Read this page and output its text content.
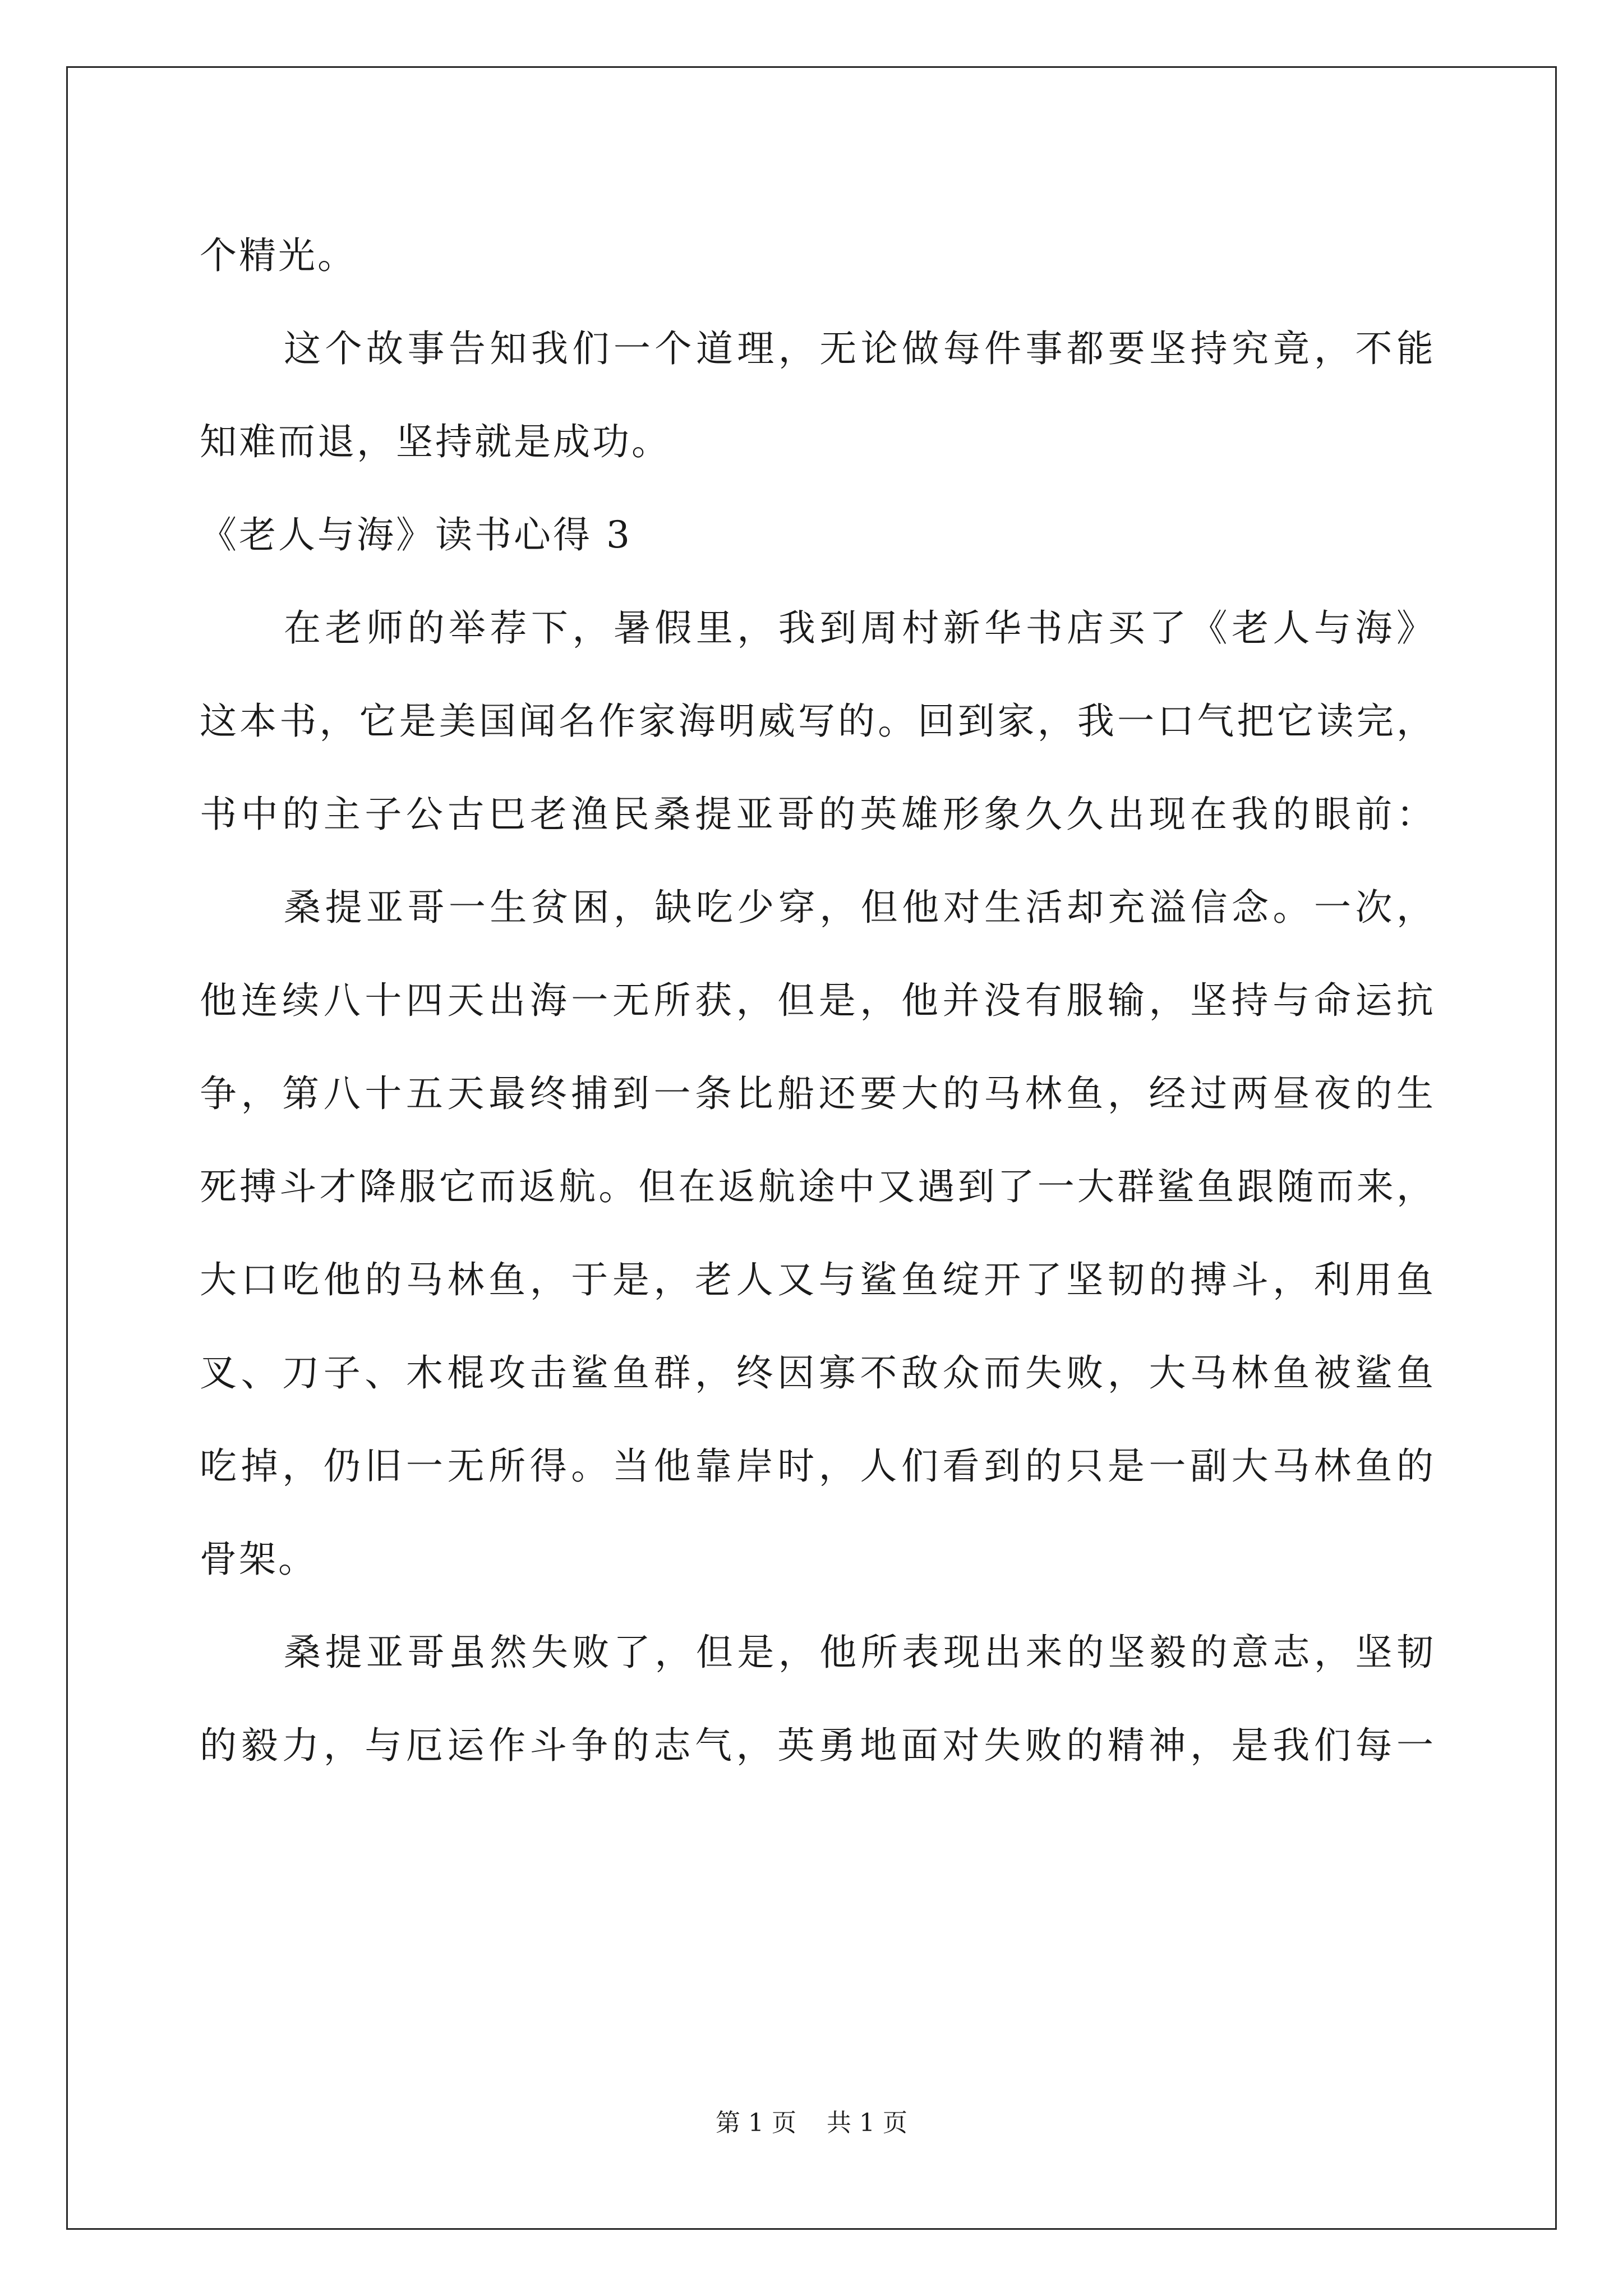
个精光。
这个故事告知我们一个道理，无论做每件事都要坚持究竟，不能
知难而退，坚持就是成功。
《老人与海》读书心得 3
在老师的举荐下，暑假里，我到周村新华书店买了《老人与海》
这本书，它是美国闻名作家海明威写的。回到家，我一口气把它读完，
书中的主子公古巴老渔民桑提亚哥的英雄形象久久出现在我的眼前：
桑提亚哥一生贫困，缺吃少穿，但他对生活却充溢信念。一次，
他连续八十四天出海一无所获，但是，他并没有服输，坚持与命运抗
争，第八十五天最终捕到一条比船还要大的马林鱼，经过两昼夜的生
死搏斗才降服它而返航。但在返航途中又遇到了一大群鲨鱼跟随而来，
大口吃他的马林鱼，于是，老人又与鲨鱼绽开了坚韧的搏斗，利用鱼
叉、刀子、木棍攻击鲨鱼群，终因寡不敌众而失败，大马林鱼被鲨鱼
吃掉，仍旧一无所得。当他靠岸时，人们看到的只是一副大马林鱼的
骨架。
桑提亚哥虽然失败了，但是，他所表现出来的坚毅的意志，坚韧
的毅力，与厄运作斗争的志气，英勇地面对失败的精神，是我们每一
第 1 页 共 1 页
